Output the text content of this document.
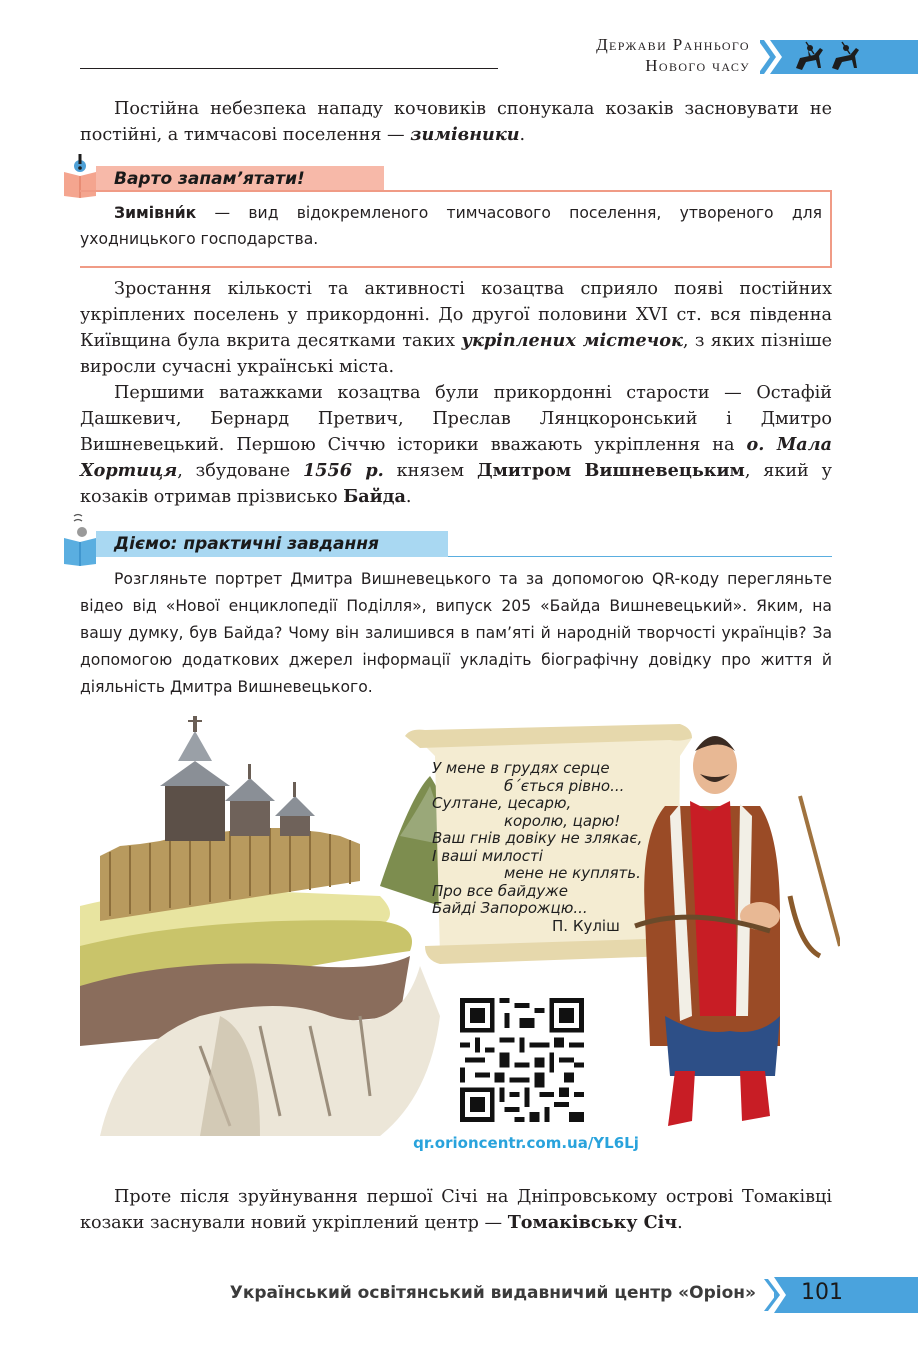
Держави Раннього
Нового часу

Постійна небезпека нападу кочовиків спонукала козаків засновувати не постійні, а тимчасові поселення — зимівники.

Варто запам’ятати!
Зимівни́к — вид відокремленого тимчасового поселення, утвореного для уходницького господарства.

Зростання кількості та активності козацтва сприяло появі постійних укріплених поселень у прикордонні. До другої половини XVI ст. вся південна Київщина була вкрита десятками таких укріплених містечок, з яких пізніше виросли сучасні українські міста.

Першими ватажками козацтва були прикордонні старости — Остафій Дашкевич, Бернард Претвич, Преслав Лянцкоронський і Дмитро Вишневецький. Першою Січчю історики вважають укріплення на о. Мала Хортиця, збудоване 1556 р. князем Дмитром Вишневецьким, який у козаків отримав прізвисько Байда.

Діємо: практичні завдання

Розгляньте портрет Дмитра Вишневецького та за допомогою QR-коду перегляньте відео від «Нової енциклопедії Поділля», випуск 205 «Байда Вишневецький». Яким, на вашу думку, був Байда? Чому він залишився в пам’яті й народній творчості українців? За допомогою додаткових джерел інформації укладіть біографічну довідку про життя й діяльність Дмитра Вишневецького.

У мене в грудях серце
б´ється рівно...
Султане, цесарю,
королю, царю!
Ваш гнів довіку не злякає,
І ваші милості
мене не куплять.
Про все байдуже
Байді Запорожцю...
П. Куліш
qr.orioncentr.com.ua/YL6Lj

Проте після зруйнування першої Січі на Дніпровському острові Томаківці козаки заснували новий укріплений центр — Томаківську Січ.

Український освітянський видавничий центр «Оріон»	101
